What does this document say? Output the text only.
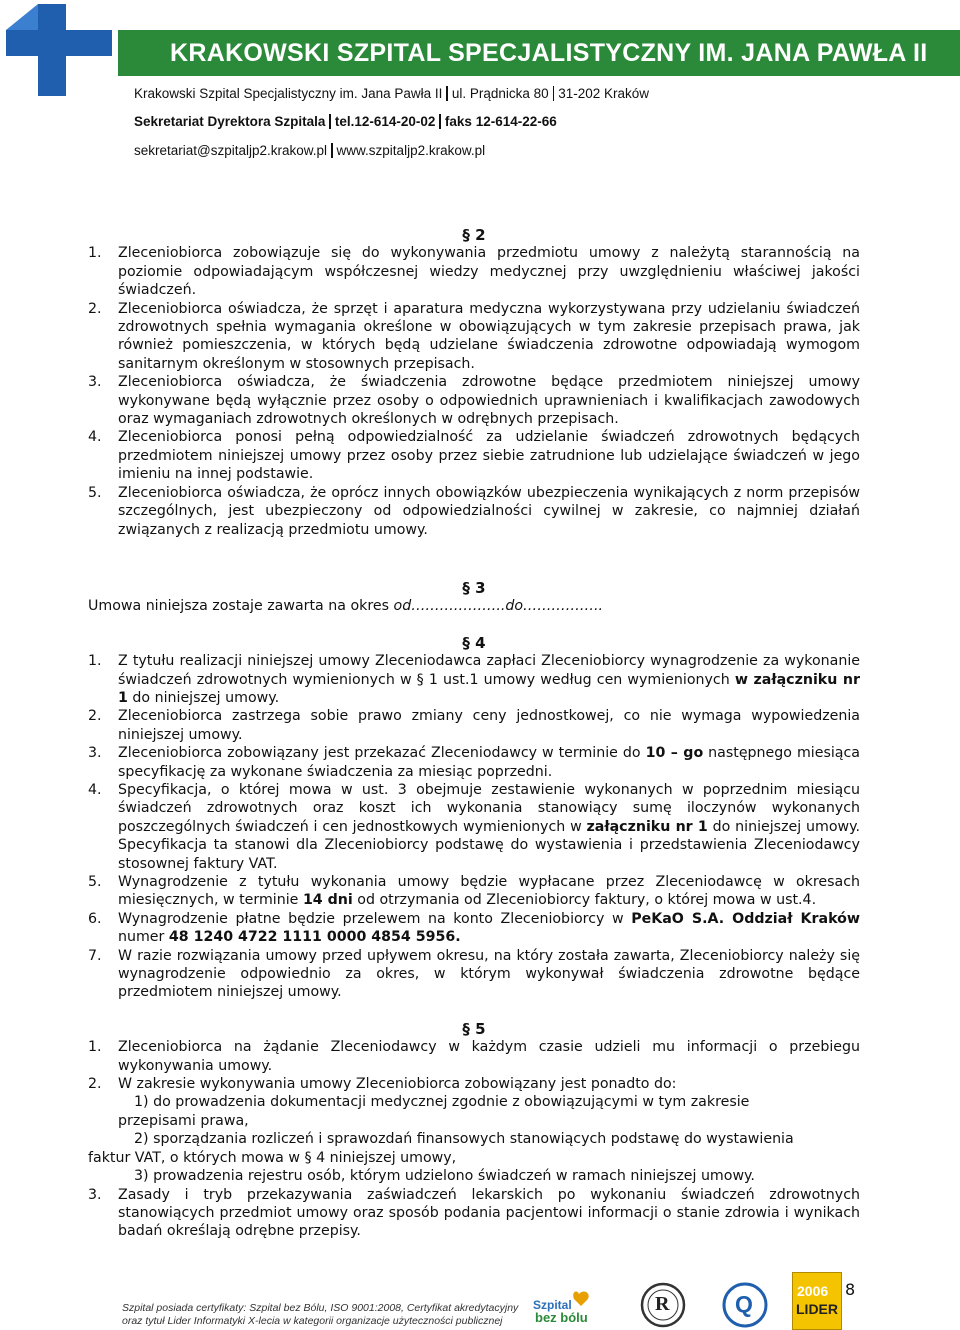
KRAKOWSKI SZPITAL SPECJALISTYCZNY IM. JANA PAWŁA II
Krakowski Szpital Specjalistyczny im. Jana Pawła II ul. Prądnicka 80 31-202 Kraków
Sekretariat Dyrektora Szpitala tel.12-614-20-02 faks 12-614-22-66
sekretariat@szpitaljp2.krakow.pl www.szpitaljp2.krakow.pl

§ 2

1.	Zleceniobiorca zobowiązuje się do wykonywania przedmiotu umowy z należytą starannością na poziomie odpowiadającym współczesnej wiedzy medycznej przy uwzględnieniu właściwej jakości świadczeń.
2.	Zleceniobiorca oświadcza, że sprzęt i aparatura medyczna wykorzystywana przy udzielaniu świadczeń zdrowotnych spełnia wymagania określone w obowiązujących w tym zakresie przepisach prawa, jak również pomieszczenia, w których będą udzielane świadczenia zdrowotne odpowiadają wymogom sanitarnym określonym w stosownych przepisach.
3.	Zleceniobiorca oświadcza, że świadczenia zdrowotne będące przedmiotem niniejszej umowy wykonywane będą wyłącznie przez osoby o odpowiednich uprawnieniach i kwalifikacjach zawodowych oraz wymaganiach zdrowotnych określonych w odrębnych przepisach.
4.	Zleceniobiorca ponosi pełną odpowiedzialność za udzielanie świadczeń zdrowotnych będących przedmiotem niniejszej umowy przez osoby przez siebie zatrudnione lub udzielające świadczeń w jego imieniu na innej podstawie.
5.	Zleceniobiorca oświadcza, że oprócz innych obowiązków ubezpieczenia wynikających z norm przepisów szczególnych, jest ubezpieczony od odpowiedzialności cywilnej w zakresie, co najmniej działań związanych z realizacją przedmiotu umowy.

§ 3

Umowa niniejsza zostaje zawarta na okres od………………..do……………..

§ 4

1.	Z tytułu realizacji niniejszej umowy Zleceniodawca zapłaci Zleceniobiorcy wynagrodzenie za wykonanie świadczeń zdrowotnych wymienionych w § 1 ust.1 umowy według cen wymienionych w załączniku nr 1 do niniejszej umowy.
2.	Zleceniobiorca zastrzega sobie prawo zmiany ceny jednostkowej, co nie wymaga wypowiedzenia niniejszej umowy.
3.	Zleceniobiorca zobowiązany jest przekazać Zleceniodawcy w terminie do 10 – go następnego miesiąca specyfikację za wykonane świadczenia za miesiąc poprzedni.
4.	Specyfikacja, o której mowa w ust. 3 obejmuje zestawienie wykonanych w poprzednim miesiącu świadczeń zdrowotnych oraz koszt ich wykonania stanowiący sumę iloczynów wykonanych poszczególnych świadczeń i cen jednostkowych wymienionych w załączniku nr 1 do niniejszej umowy. Specyfikacja ta stanowi dla Zleceniobiorcy podstawę do wystawienia i przedstawienia Zleceniodawcy stosownej faktury VAT.
5.	Wynagrodzenie z tytułu wykonania umowy będzie wypłacane przez Zleceniodawcę w okresach miesięcznych, w terminie 14 dni od otrzymania od Zleceniobiorcy faktury, o której mowa w ust.4.
6.	Wynagrodzenie płatne będzie przelewem na konto Zleceniobiorcy w PeKaO S.A. Oddział Kraków numer 48 1240 4722 1111 0000 4854 5956.
7.	W razie rozwiązania umowy przed upływem okresu, na który została zawarta, Zleceniobiorcy należy się wynagrodzenie odpowiednio za okres, w którym wykonywał świadczenia zdrowotne będące przedmiotem niniejszej umowy.

§ 5

1.	Zleceniobiorca na żądanie Zleceniodawcy w każdym czasie udzieli mu informacji o przebiegu wykonywania umowy.
2.	W zakresie wykonywania umowy Zleceniobiorca zobowiązany jest ponadto do:
1) do prowadzenia dokumentacji medycznej zgodnie z obowiązującymi w tym zakresie
przepisami prawa,
2) sporządzania rozliczeń i sprawozdań finansowych stanowiących podstawę do wystawienia
faktur VAT, o których mowa w § 4 niniejszej umowy,
3) prowadzenia rejestru osób, którym udzielono świadczeń w ramach niniejszej umowy.
3.	Zasady i tryb przekazywania zaświadczeń lekarskich po wykonaniu świadczeń zdrowotnych stanowiących przedmiot umowy oraz sposób podania pacjentowi informacji o stanie zdrowia i wynikach badań określają odrębne przepisy.
Szpital posiada certyfikaty: Szpital bez Bólu, ISO 9001:2008, Certyfikat akredytacyjny
oraz tytuł Lider Informatyki X-lecia w kategorii organizacje użyteczności publicznej
Szpital
bez bólu
R	Q	2006
LIDER
8
